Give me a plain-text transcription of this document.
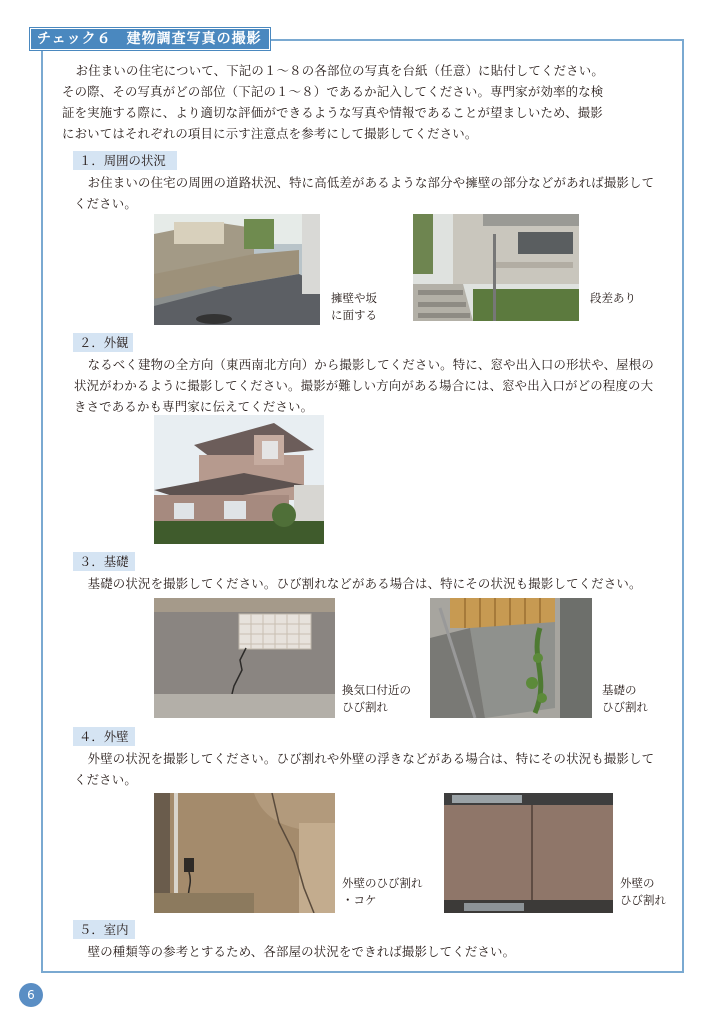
チェック６　建物調査写真の撮影

お住まいの住宅について、下記の１～８の各部位の写真を台紙（任意）に貼付してください。

その際、その写真がどの部位（下記の１～８）であるか記入してください。専門家が効率的な検
証を実施する際に、より適切な評価ができるような写真や情報であることが望ましいため、撮影
においてはそれぞれの項目に示す注意点を参考にして撮影してください。
１．周囲の状況
お住まいの住宅の周囲の道路状況、特に高低差があるような部分や擁壁の部分などがあれば撮影してください。
擁壁や坂
に面する
段差あり
２．外観
なるべく建物の全方向（東西南北方向）から撮影してください。特に、窓や出入口の形状や、屋根の状況がわかるように撮影してください。撮影が難しい方向がある場合には、窓や出入口がどの程度の大きさであるかも専門家に伝えてください。
３．基礎
基礎の状況を撮影してください。ひび割れなどがある場合は、特にその状況も撮影してください。
換気口付近の
ひび割れ
基礎の
ひび割れ
４．外壁
外壁の状況を撮影してください。ひび割れや外壁の浮きなどがある場合は、特にその状況も撮影してください。
外壁のひび割れ
・コケ
外壁の
ひび割れ
５．室内
壁の種類等の参考とするため、各部屋の状況をできれば撮影してください。
6
